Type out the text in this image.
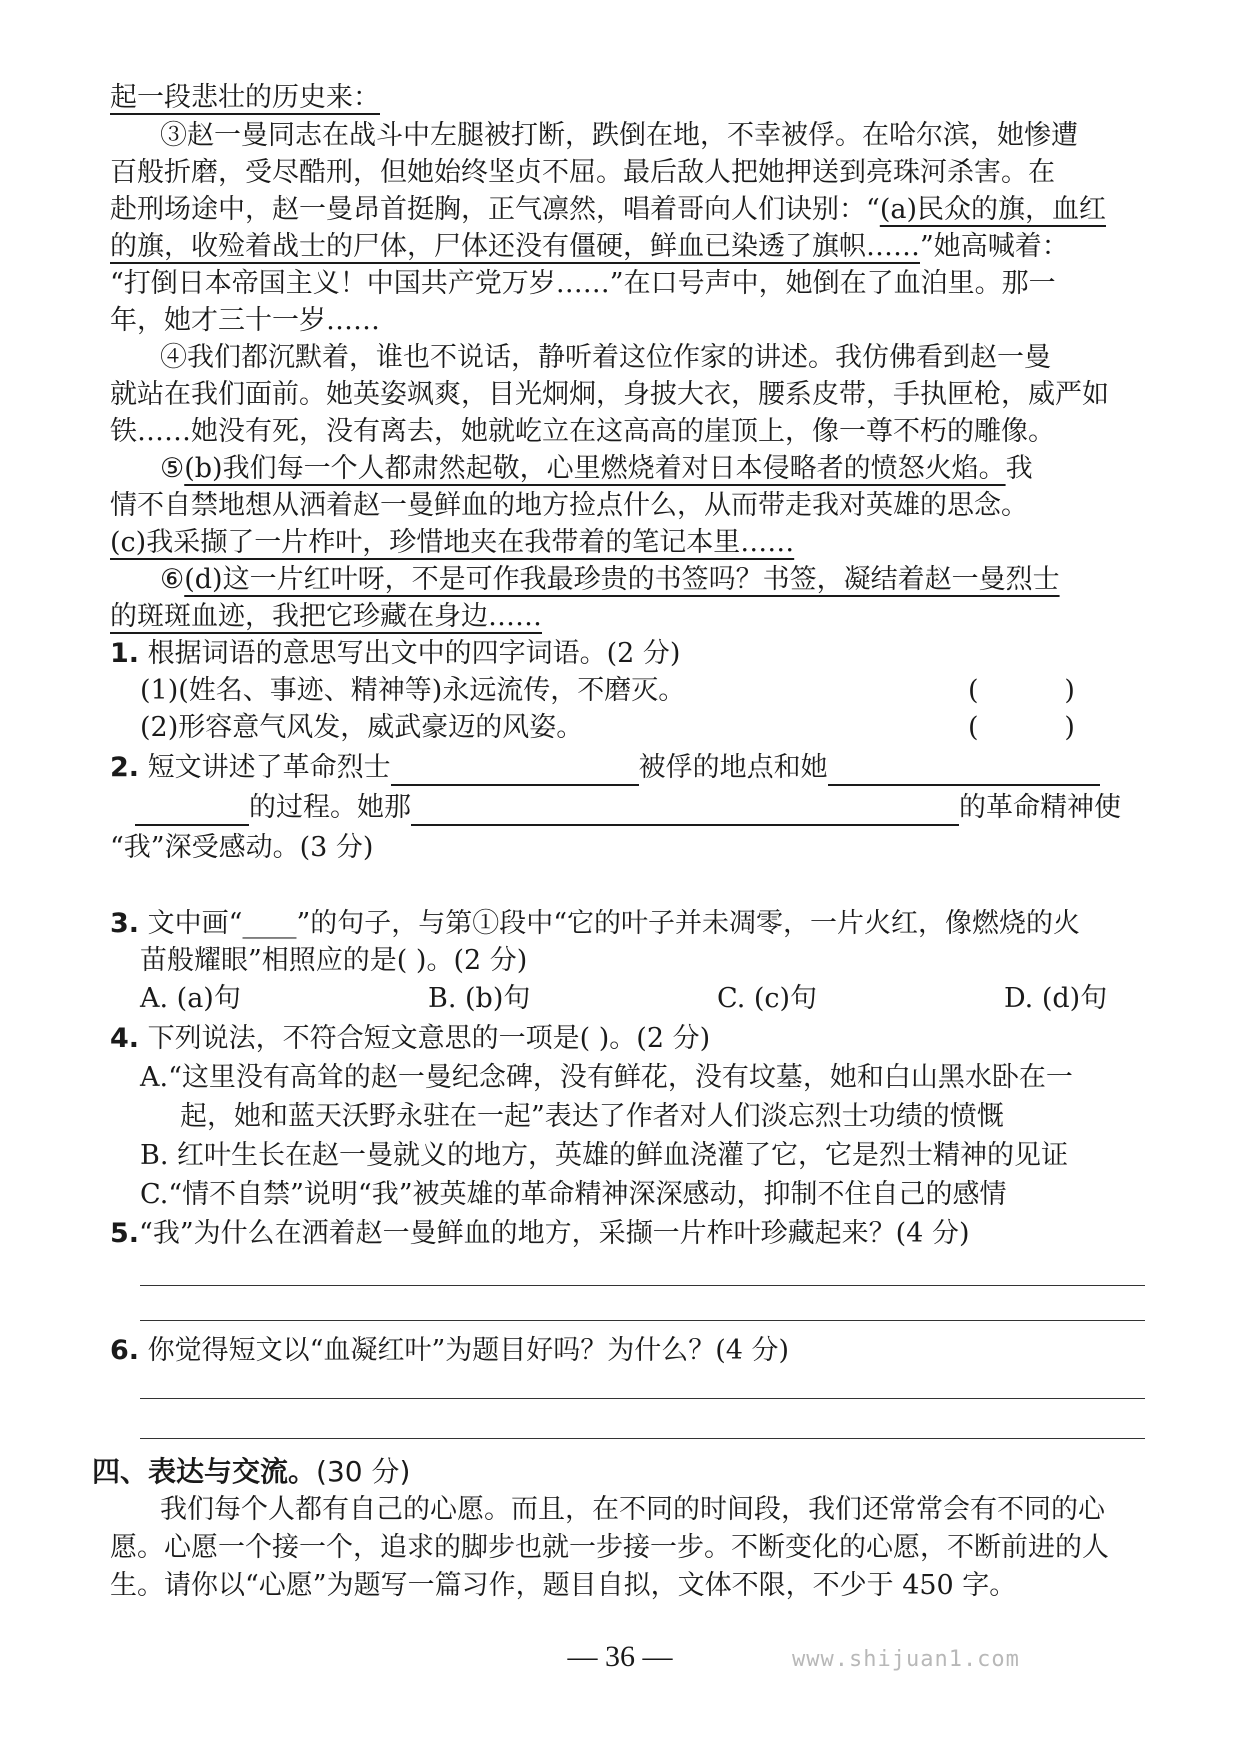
起一段悲壮的历史来：
③赵一曼同志在战斗中左腿被打断，跌倒在地，不幸被俘。在哈尔滨，她惨遭
百般折磨，受尽酷刑，但她始终坚贞不屈。最后敌人把她押送到亮珠河杀害。在
赴刑场途中，赵一曼昂首挺胸，正气凛然，唱着哥向人们诀别：“(a)民众的旗，血红
的旗，收殓着战士的尸体，尸体还没有僵硬，鲜血已染透了旗帜……”她高喊着：
“打倒日本帝国主义！中国共产党万岁……”在口号声中，她倒在了血泊里。那一
年，她才三十一岁……
④我们都沉默着，谁也不说话，静听着这位作家的讲述。我仿佛看到赵一曼
就站在我们面前。她英姿飒爽，目光炯炯，身披大衣，腰系皮带，手执匣枪，威严如
铁……她没有死，没有离去，她就屹立在这高高的崖顶上，像一尊不朽的雕像。
⑤(b)我们每一个人都肃然起敬，心里燃烧着对日本侵略者的愤怒火焰。我
情不自禁地想从洒着赵一曼鲜血的地方捡点什么，从而带走我对英雄的思念。
(c)我采撷了一片柞叶，珍惜地夹在我带着的笔记本里……
⑥(d)这一片红叶呀，不是可作我最珍贵的书签吗？书签，凝结着赵一曼烈士
的斑斑血迹，我把它珍藏在身边……
1. 根据词语的意思写出文中的四字词语。(2 分)
(1)(姓名、事迹、精神等)永远流传，不磨灭。	(          )
(2)形容意气风发，威武豪迈的风姿。	(          )
2. 短文讲述了革命烈士	被俘的地点和她
的过程。她那	的革命精神使
“我”深受感动。(3 分)
3. 文中画“____”的句子，与第①段中“它的叶子并未凋零，一片火红，像燃烧的火
苗般耀眼”相照应的是( )。(2 分)
A. (a)句	B. (b)句	C. (c)句	D. (d)句
4. 下列说法，不符合短文意思的一项是( )。(2 分)
A.“这里没有高耸的赵一曼纪念碑，没有鲜花，没有坟墓，她和白山黑水卧在一
起，她和蓝天沃野永驻在一起”表达了作者对人们淡忘烈士功绩的愤慨
B. 红叶生长在赵一曼就义的地方，英雄的鲜血浇灌了它，它是烈士精神的见证
C.“情不自禁”说明“我”被英雄的革命精神深深感动，抑制不住自己的感情
5.“我”为什么在洒着赵一曼鲜血的地方，采撷一片柞叶珍藏起来？(4 分)
6. 你觉得短文以“血凝红叶”为题目好吗？为什么？(4 分)
四、表达与交流。(30 分)
我们每个人都有自己的心愿。而且，在不同的时间段，我们还常常会有不同的心
愿。心愿一个接一个，追求的脚步也就一步接一步。不断变化的心愿，不断前进的人
生。请你以“心愿”为题写一篇习作，题目自拟，文体不限，不少于 450 字。
— 36 —	www.shijuan1.com
